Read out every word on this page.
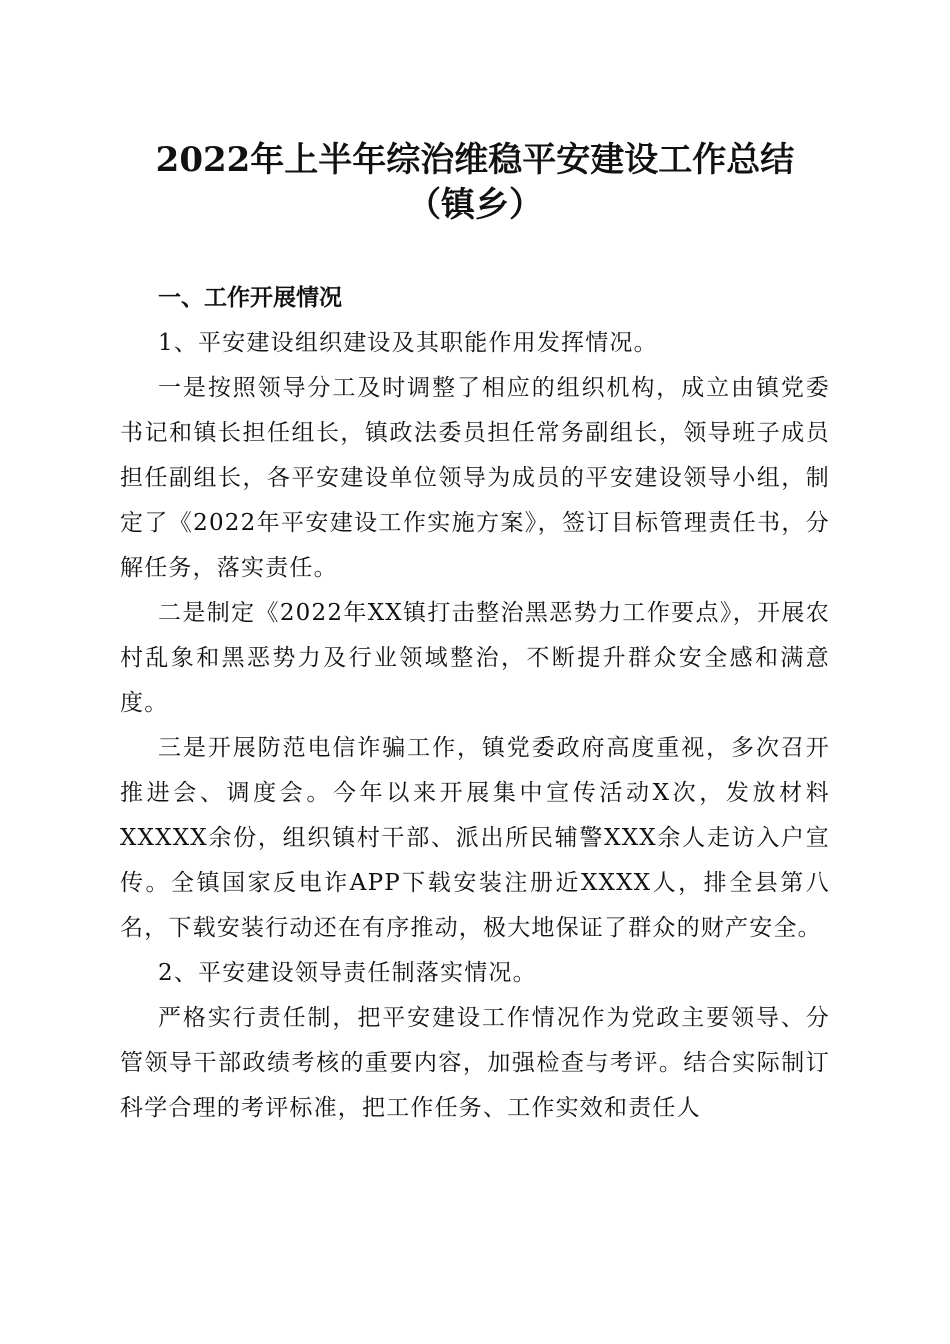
2022年上半年综治维稳平安建设工作总结
（镇乡）

一、工作开展情况

1、平安建设组织建设及其职能作用发挥情况。

一是按照领导分工及时调整了相应的组织机构，成立由镇党委书记和镇长担任组长，镇政法委员担任常务副组长，领导班子成员担任副组长，各平安建设单位领导为成员的平安建设领导小组，制定了《2022年平安建设工作实施方案》，签订目标管理责任书，分解任务，落实责任。

二是制定《2022年XX镇打击整治黑恶势力工作要点》，开展农村乱象和黑恶势力及行业领域整治，不断提升群众安全感和满意度。

三是开展防范电信诈骗工作，镇党委政府高度重视，多次召开推进会、调度会。今年以来开展集中宣传活动X次，发放材料XXXXX余份，组织镇村干部、派出所民辅警XXX余人走访入户宣传。全镇国家反电诈APP下载安装注册近XXXX人，排全县第八名，下载安装行动还在有序推动，极大地保证了群众的财产安全。

2、平安建设领导责任制落实情况。

严格实行责任制，把平安建设工作情况作为党政主要领导、分管领导干部政绩考核的重要内容，加强检查与考评。结合实际制订科学合理的考评标准，把工作任务、工作实效和责任人
